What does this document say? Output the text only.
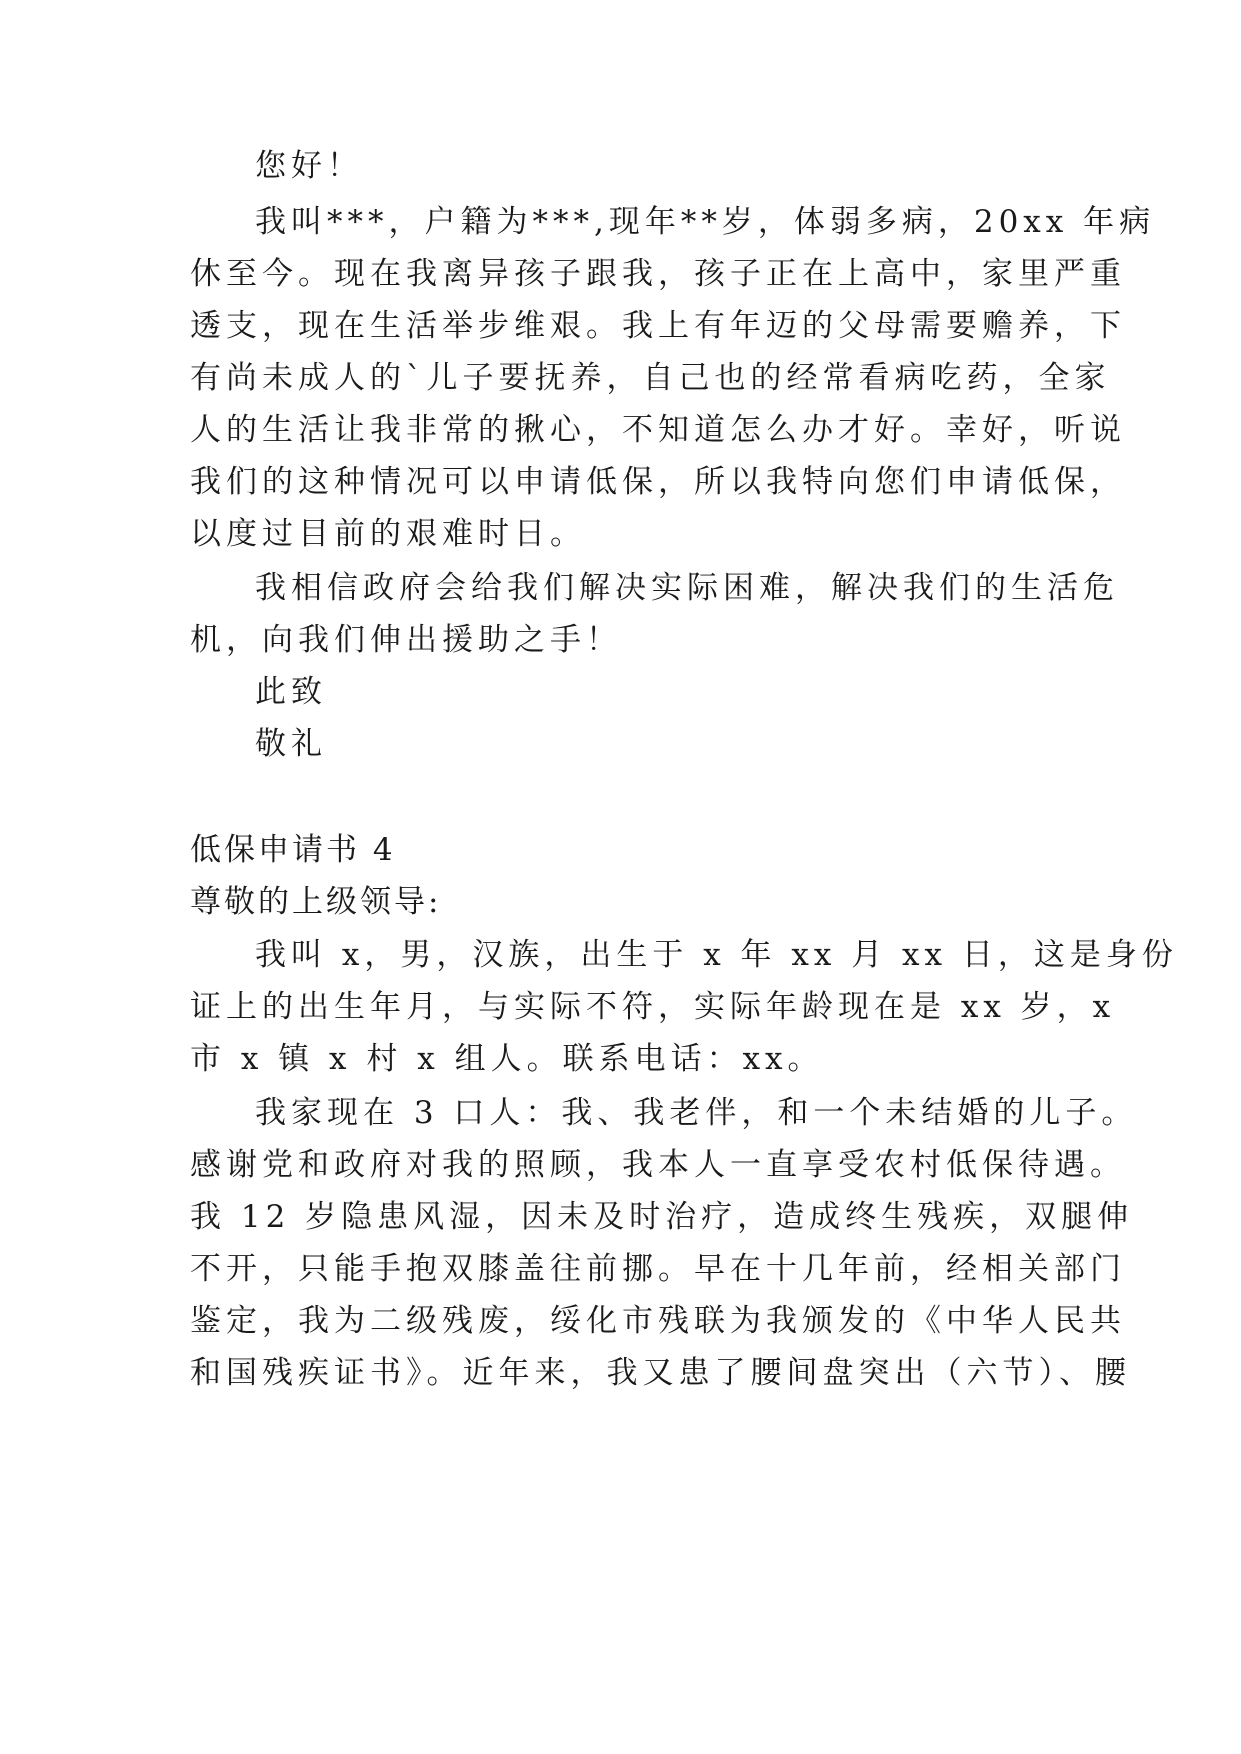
您好！
我叫***，户籍为***,现年**岁，体弱多病，20xx 年病
休至今。现在我离异孩子跟我，孩子正在上高中，家里严重
透支，现在生活举步维艰。我上有年迈的父母需要赡养，下
有尚未成人的`儿子要抚养，自己也的经常看病吃药，全家
人的生活让我非常的揪心，不知道怎么办才好。幸好，听说
我们的这种情况可以申请低保，所以我特向您们申请低保，
以度过目前的艰难时日。
我相信政府会给我们解决实际困难，解决我们的生活危
机，向我们伸出援助之手！
此致
敬礼
低保申请书 4
尊敬的上级领导:
我叫 x，男，汉族，出生于 x 年 xx 月 xx 日，这是身份
证上的出生年月，与实际不符，实际年龄现在是 xx 岁，x
市 x 镇 x 村 x 组人。联系电话：xx。
我家现在 3 口人：我、我老伴，和一个未结婚的儿子。
感谢党和政府对我的照顾，我本人一直享受农村低保待遇。
我 12 岁隐患风湿，因未及时治疗，造成终生残疾，双腿伸
不开，只能手抱双膝盖往前挪。早在十几年前，经相关部门
鉴定，我为二级残废，绥化市残联为我颁发的《中华人民共
和国残疾证书》。近年来，我又患了腰间盘突出（六节）、腰
